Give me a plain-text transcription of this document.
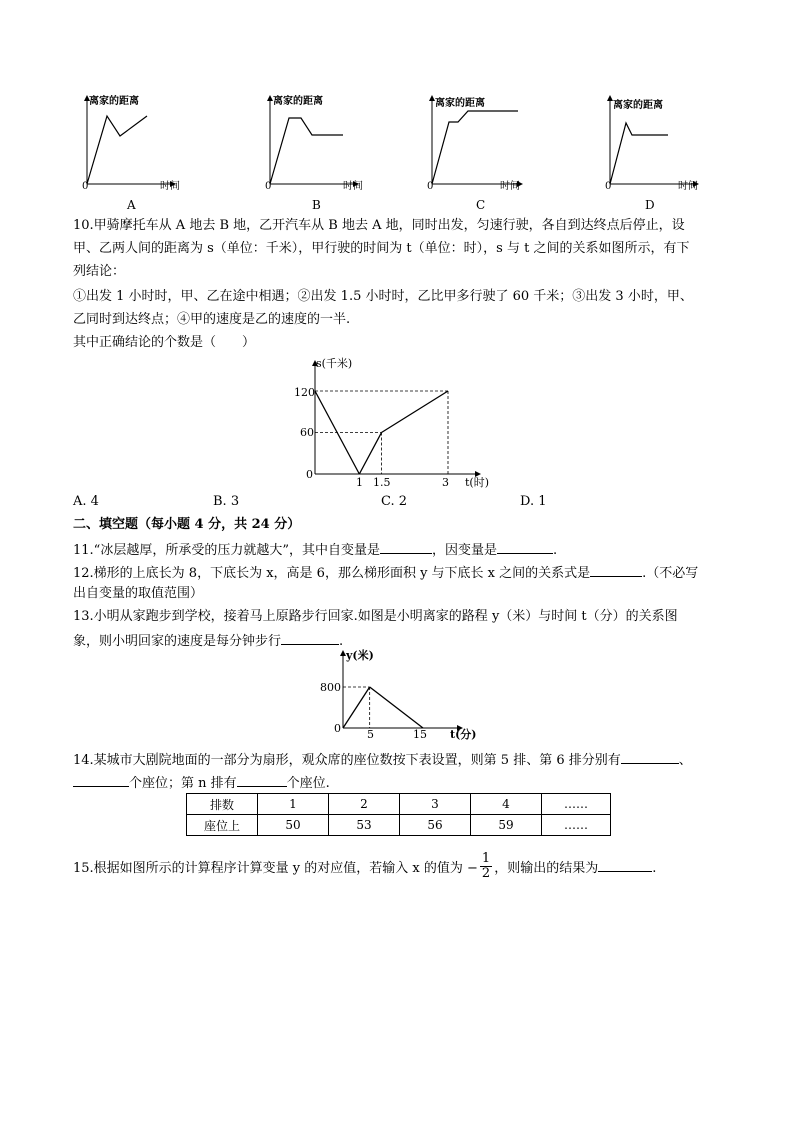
离家的距离
时间
0
A
离家的距离
时间
0
B
离家的距离
时间
0
C
离家的距离
时间
0
D
10.甲骑摩托车从 A 地去 B 地，乙开汽车从 B 地去 A 地，同时出发，匀速行驶，各自到达终点后停止，设
甲、乙两人间的距离为 s（单位：千米），甲行驶的时间为 t（单位：时），s 与 t 之间的关系如图所示，有下
列结论：
①出发 1 小时时，甲、乙在途中相遇；②出发 1.5 小时时，乙比甲多行驶了 60 千米；③出发 3 小时，甲、
乙同时到达终点；④甲的速度是乙的速度的一半.
其中正确结论的个数是（　　）
s(千米)
t(时)
120
60
0
1 1.5	3
A. 4	B. 3	C. 2	D. 1
二、填空题（每小题 4 分，共 24 分）
11.“冰层越厚，所承受的压力就越大”，其中自变量是	，因变量是	.
12.梯形的上底长为 8，下底长为 x，高是 6，那么梯形面积 y 与下底长 x 之间的关系式是	.（不必写
出自变量的取值范围）
13.小明从家跑步到学校，接着马上原路步行回家.如图是小明离家的路程 y（米）与时间 t（分）的关系图
象，则小明回家的速度是每分钟步行	.
y(米)
t(分)
800
0 5	15
14.某城市大剧院地面的一部分为扇形，观众席的座位数按下表设置，则第 5 排、第 6 排分别有	、
个座位；第 n 排有	个座位.
排数	1	2	3	4	……
座位上	50	53	56	59	……
15.根据如图所示的计算程序计算变量 y 的对应值，若输入 x 的值为 − $\frac{1}{2}$ ，则输出的结果为	.
